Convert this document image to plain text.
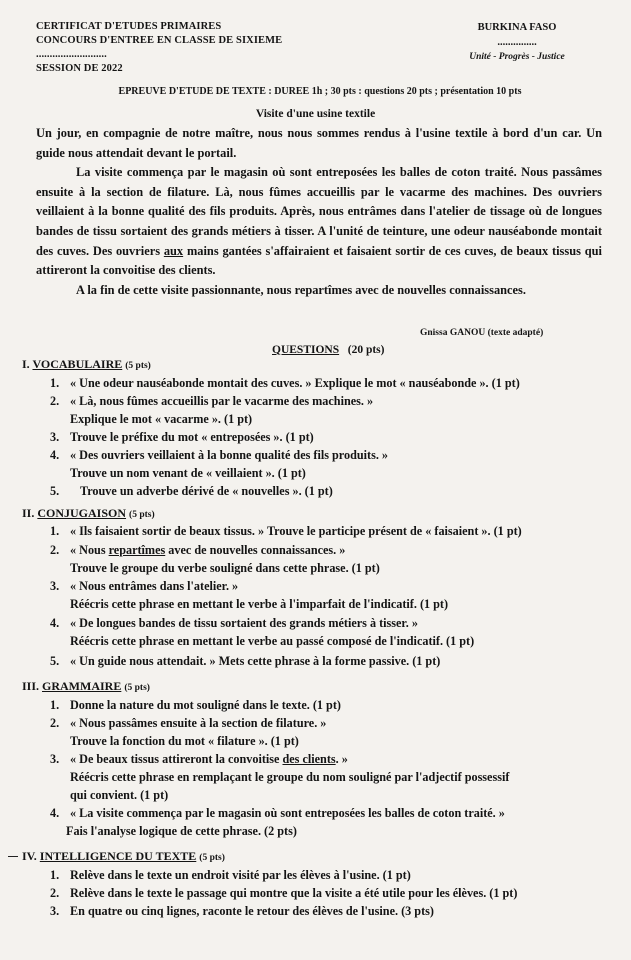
CERTIFICAT D'ETUDES PRIMAIRES
CONCOURS D'ENTREE EN CLASSE DE SIXIEME
..........................
SESSION DE 2022
BURKINA FASO
...............
Unité - Progrès - Justice
EPREUVE D'ETUDE DE TEXTE : DUREE 1h ; 30 pts : questions 20 pts ; présentation 10 pts
Visite d'une usine textile

Un jour, en compagnie de notre maître, nous nous sommes rendus à l'usine textile à bord d'un car. Un guide nous attendait devant le portail.

La visite commença par le magasin où sont entreposées les balles de coton traité. Nous passâmes ensuite à la section de filature. Là, nous fûmes accueillis par le vacarme des machines. Des ouvriers veillaient à la bonne qualité des fils produits. Après, nous entrâmes dans l'atelier de tissage où de longues bandes de tissu sortaient des grands métiers à tisser. A l'unité de teinture, une odeur nauséabonde montait des cuves. Des ouvriers aux mains gantées s'affairaient et faisaient sortir de ces cuves, de beaux tissus qui attireront la convoitise des clients.

A la fin de cette visite passionnante, nous repartîmes avec de nouvelles connaissances.

Gnissa GANOU (texte adapté)
QUESTIONS (20 pts)
I. VOCABULAIRE (5 pts)
1. « Une odeur nauséabonde montait des cuves. » Explique le mot « nauséabonde ». (1 pt)
2. « Là, nous fûmes accueillis par le vacarme des machines. »
Explique le mot « vacarme ». (1 pt)
3. Trouve le préfixe du mot « entreposées ». (1 pt)
4. « Des ouvriers veillaient à la bonne qualité des fils produits. »
Trouve un nom venant de « veillaient ». (1 pt)
5. Trouve un adverbe dérivé de « nouvelles ». (1 pt)
II. CONJUGAISON (5 pts)
1. « Ils faisaient sortir de beaux tissus. » Trouve le participe présent de « faisaient ». (1 pt)
2. « Nous repartîmes avec de nouvelles connaissances. »
Trouve le groupe du verbe souligné dans cette phrase. (1 pt)
3. « Nous entrâmes dans l'atelier. »
Réécris cette phrase en mettant le verbe à l'imparfait de l'indicatif. (1 pt)
4. « De longues bandes de tissu sortaient des grands métiers à tisser. »
Réécris cette phrase en mettant le verbe au passé composé de l'indicatif. (1 pt)
5. « Un guide nous attendait. » Mets cette phrase à la forme passive. (1 pt)
III. GRAMMAIRE (5 pts)
1. Donne la nature du mot souligné dans le texte. (1 pt)
2. « Nous passâmes ensuite à la section de filature. »
Trouve la fonction du mot « filature ». (1 pt)
3. « De beaux tissus attireront la convoitise des clients. »
Réécris cette phrase en remplaçant le groupe du nom souligné par l'adjectif possessif
qui convient. (1 pt)
4. « La visite commença par le magasin où sont entreposées les balles de coton traité. »
Fais l'analyse logique de cette phrase. (2 pts)
IV. INTELLIGENCE DU TEXTE (5 pts)
1. Relève dans le texte un endroit visité par les élèves à l'usine. (1 pt)
2. Relève dans le texte le passage qui montre que la visite a été utile pour les élèves. (1 pt)
3. En quatre ou cinq lignes, raconte le retour des élèves de l'usine. (3 pts)
